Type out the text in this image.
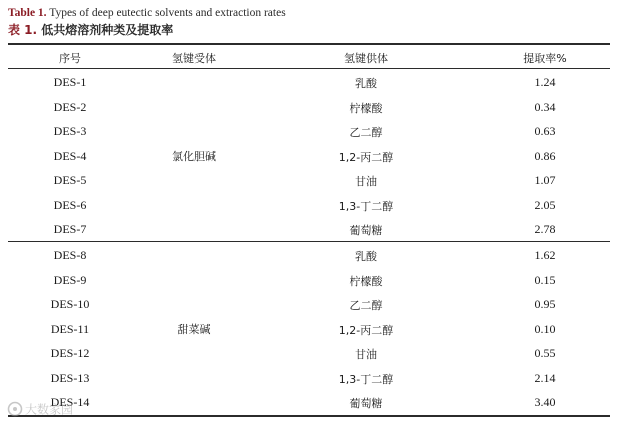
Table 1. Types of deep eutectic solvents and extraction rates
表 1. 低共熔溶剂种类及提取率
序号	氢键受体	氢键供体	提取率%
氯化胆碱
DES-1	乳酸	1.24
DES-2	柠檬酸	0.34
DES-3	乙二醇	0.63
DES-4	1,2-丙二醇	0.86
DES-5	甘油	1.07
DES-6	1,3-丁二醇	2.05
DES-7	葡萄糖	2.78
甜菜碱
DES-8	乳酸	1.62
DES-9	柠檬酸	0.15
DES-10	乙二醇	0.95
DES-11	1,2-丙二醇	0.10
DES-12	甘油	0.55
DES-13	1,3-丁二醇	2.14
DES-14	葡萄糖	3.40
大数家园
